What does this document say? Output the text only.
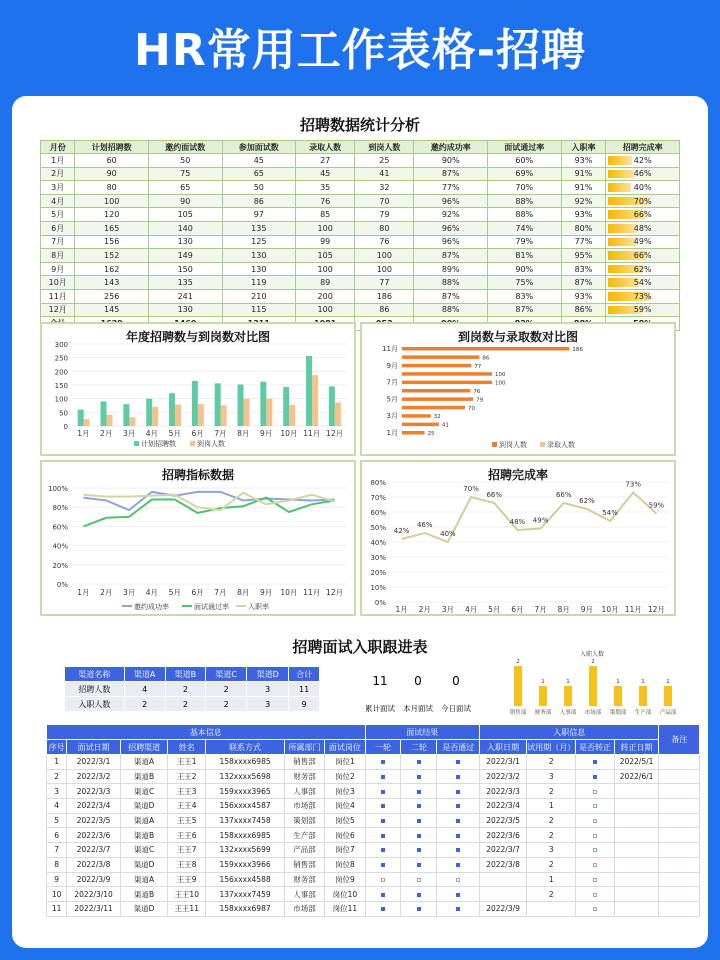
HR常用工作表格-招聘
招聘数据统计分析
月份	计划招聘数	邀约面试数	参加面试数	录取人数	到岗人数	邀约成功率	面试通过率	入职率	招聘完成率
1月	60	50	45	27	25	90%	60%	93%	42%
2月	90	75	65	45	41	87%	69%	91%	46%
3月	80	65	50	35	32	77%	70%	91%	40%
4月	100	90	86	76	70	96%	88%	92%	70%
5月	120	105	97	85	79	92%	88%	93%	66%
6月	165	140	135	100	80	96%	74%	80%	48%
7月	156	130	125	99	76	96%	79%	77%	49%
8月	152	149	130	105	100	87%	81%	95%	66%
9月	162	150	130	100	100	89%	90%	83%	62%
10月	143	135	119	89	77	88%	75%	87%	54%
11月	256	241	210	200	186	87%	83%	93%	73%
12月	145	130	115	100	86	88%	87%	86%	59%

年度招聘数与到岗数对比图
0
50
100
150
200
250
300
1月 2月 3月 4月 5月 6月 7月 8月 9月 10月 11月 12月
计划招聘数	到岗人数
到岗数与录取数对比图
25
41
32
70
79
76
100
100
77
86
186
1月
3月
5月
7月
9月
11月
到岗人数	录取人数
招聘指标数据
0%
20%
40%
60%
80%
100%
1月 2月 3月 4月 5月 6月 7月 8月 9月 10月 11月 12月
邀约成功率	面试通过率	入职率
招聘完成率
0%
10%
20%
30%
40%
50%
60%
70%
80%
42%
46%
40%
70%
66%
48% 49%
66%
62%
54%
73%
59%
1月 2月 3月 4月 5月 6月 7月 8月 9月 10月 11月 12月
招聘面试入职跟进表
渠道名称	渠道A	渠道B	渠道C	渠道D	合计
招聘人数	4	2	2	3	11
入职人数	2	2	2	3	9
11	0	0
累计面试	本月面试	今日面试
入职人数
2
销售部
1
财务部
1
人事部
2
市场部
1
策划部
1
生产部
1
产品部
基本信息							面试结果			入职信息				备注
序号	面试日期	招聘渠道	姓名	联系方式	所属部门	面试岗位	一轮	二轮	是否通过	入职日期	试用期（月）	是否转正	转正日期	
1	2022/3/1	渠道A	王王1	158xxxx6985	销售部	岗位1				2022/3/1	2		2022/5/1	
2	2022/3/2	渠道B	王王2	132xxxx5698	财务部	岗位2				2022/3/2	3		2022/6/1	
3	2022/3/3	渠道C	王王3	159xxxx3965	人事部	岗位3				2022/3/3	2			
4	2022/3/4	渠道D	王王4	156xxxx4587	市场部	岗位4				2022/3/4	1			
5	2022/3/5	渠道A	王王5	137xxxx7458	策划部	岗位5				2022/3/5	2			
6	2022/3/6	渠道B	王王6	158xxxx6985	生产部	岗位6				2022/3/6	2			
7	2022/3/7	渠道C	王王7	132xxxx5699	产品部	岗位7				2022/3/7	3			
8	2022/3/8	渠道D	王王8	159xxxx3966	销售部	岗位8				2022/3/8	2			
9	2022/3/9	渠道A	王王9	156xxxx4588	财务部	岗位9					1			
10	2022/3/10	渠道B	王王10	137xxxx7459	人事部	岗位10					2			
11	2022/3/11	渠道D	王王11	158xxxx6987	市场部	岗位11				2022/3/9				
